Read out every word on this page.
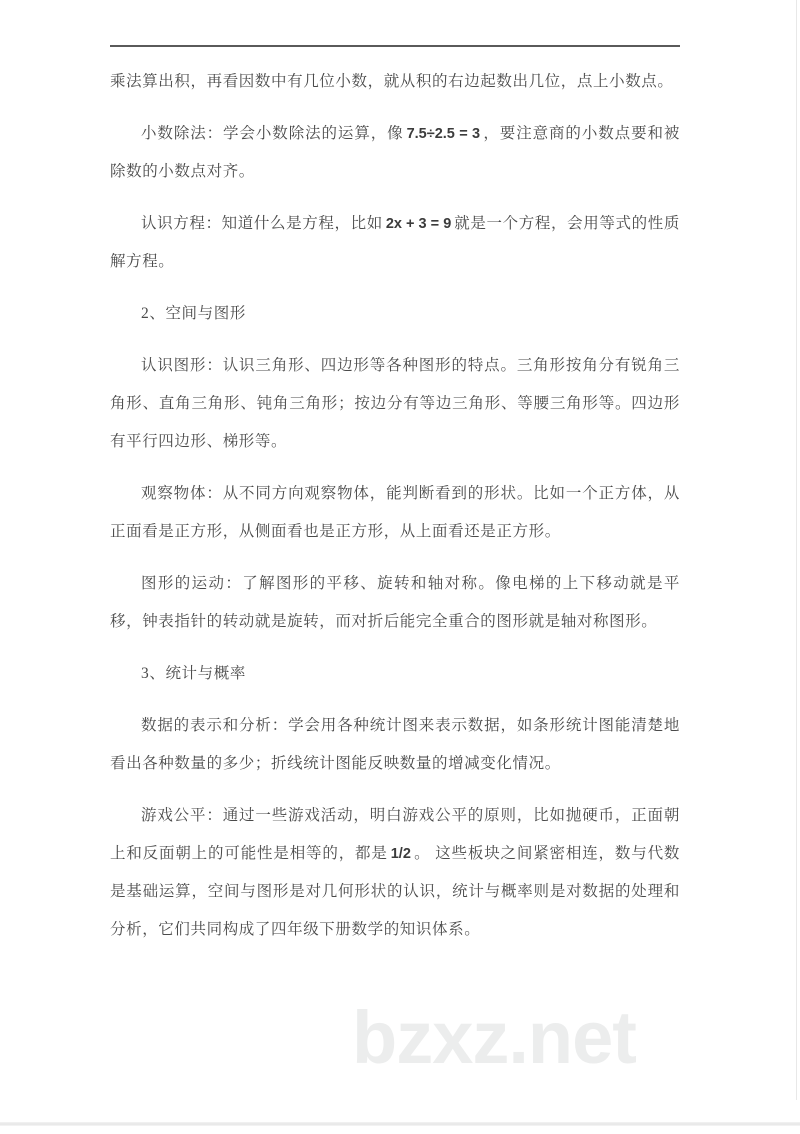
乘法算出积，再看因数中有几位小数，就从积的右边起数出几位，点上小数点。

小数除法：学会小数除法的运算，像 7.5÷2.5 = 3 ，要注意商的小数点要和被除数的小数点对齐。

认识方程：知道什么是方程，比如 2x + 3 = 9 就是一个方程，会用等式的性质解方程。

2、空间与图形

认识图形：认识三角形、四边形等各种图形的特点。三角形按角分有锐角三角形、直角三角形、钝角三角形；按边分有等边三角形、等腰三角形等。四边形有平行四边形、梯形等。

观察物体：从不同方向观察物体，能判断看到的形状。比如一个正方体，从正面看是正方形，从侧面看也是正方形，从上面看还是正方形。

图形的运动：了解图形的平移、旋转和轴对称。像电梯的上下移动就是平移，钟表指针的转动就是旋转，而对折后能完全重合的图形就是轴对称图形。

3、统计与概率

数据的表示和分析：学会用各种统计图来表示数据，如条形统计图能清楚地看出各种数量的多少；折线统计图能反映数量的增减变化情况。

游戏公平：通过一些游戏活动，明白游戏公平的原则，比如抛硬币，正面朝上和反面朝上的可能性是相等的，都是 1/2 。 这些板块之间紧密相连，数与代数是基础运算，空间与图形是对几何形状的认识，统计与概率则是对数据的处理和分析，它们共同构成了四年级下册数学的知识体系。

bzxz.net
